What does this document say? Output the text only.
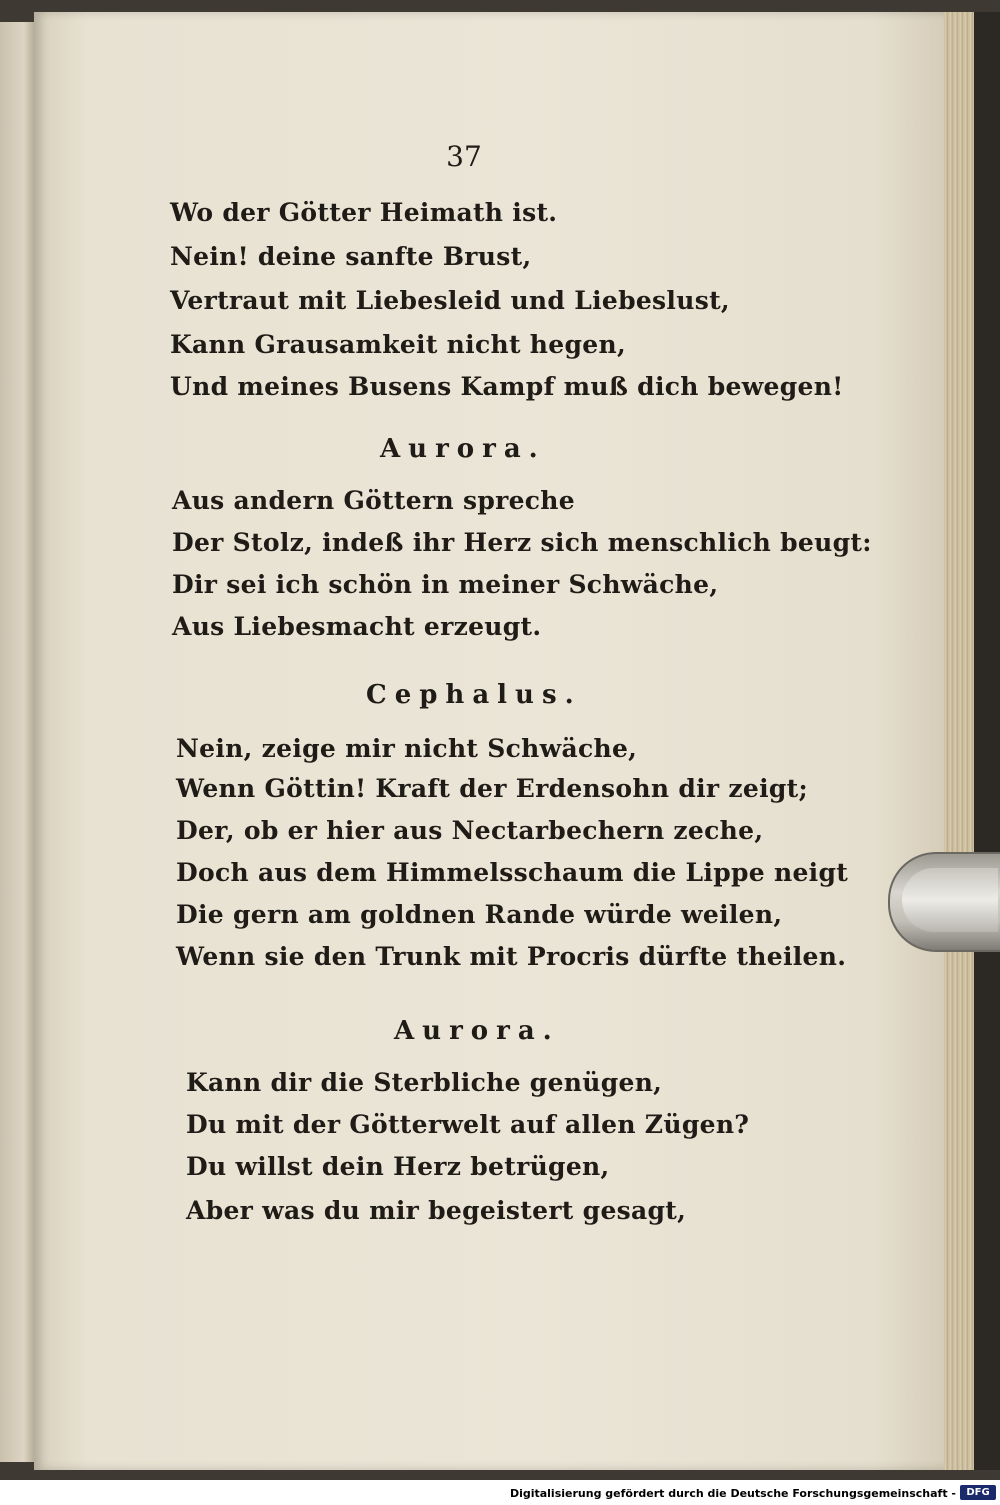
37
Wo der Götter Heimath ist.
Nein! deine sanfte Brust,
Vertraut mit Liebesleid und Liebeslust,
Kann Grausamkeit nicht hegen,
Und meines Busens Kampf muß dich bewegen!
Aurora.
Aus andern Göttern spreche
Der Stolz, indeß ihr Herz sich menschlich beugt:
Dir sei ich schön in meiner Schwäche,
Aus Liebesmacht erzeugt.
Cephalus.
Nein, zeige mir nicht Schwäche,
Wenn Göttin! Kraft der Erdensohn dir zeigt;
Der, ob er hier aus Nectarbechern zeche,
Doch aus dem Himmelsschaum die Lippe neigt
Die gern am goldnen Rande würde weilen,
Wenn sie den Trunk mit Procris dürfte theilen.
Aurora.
Kann dir die Sterbliche genügen,
Du mit der Götterwelt auf allen Zügen?
Du willst dein Herz betrügen,
Aber was du mir begeistert gesagt,
Digitalisierung gefördert durch die Deutsche Forschungsgemeinschaft -	DFG
